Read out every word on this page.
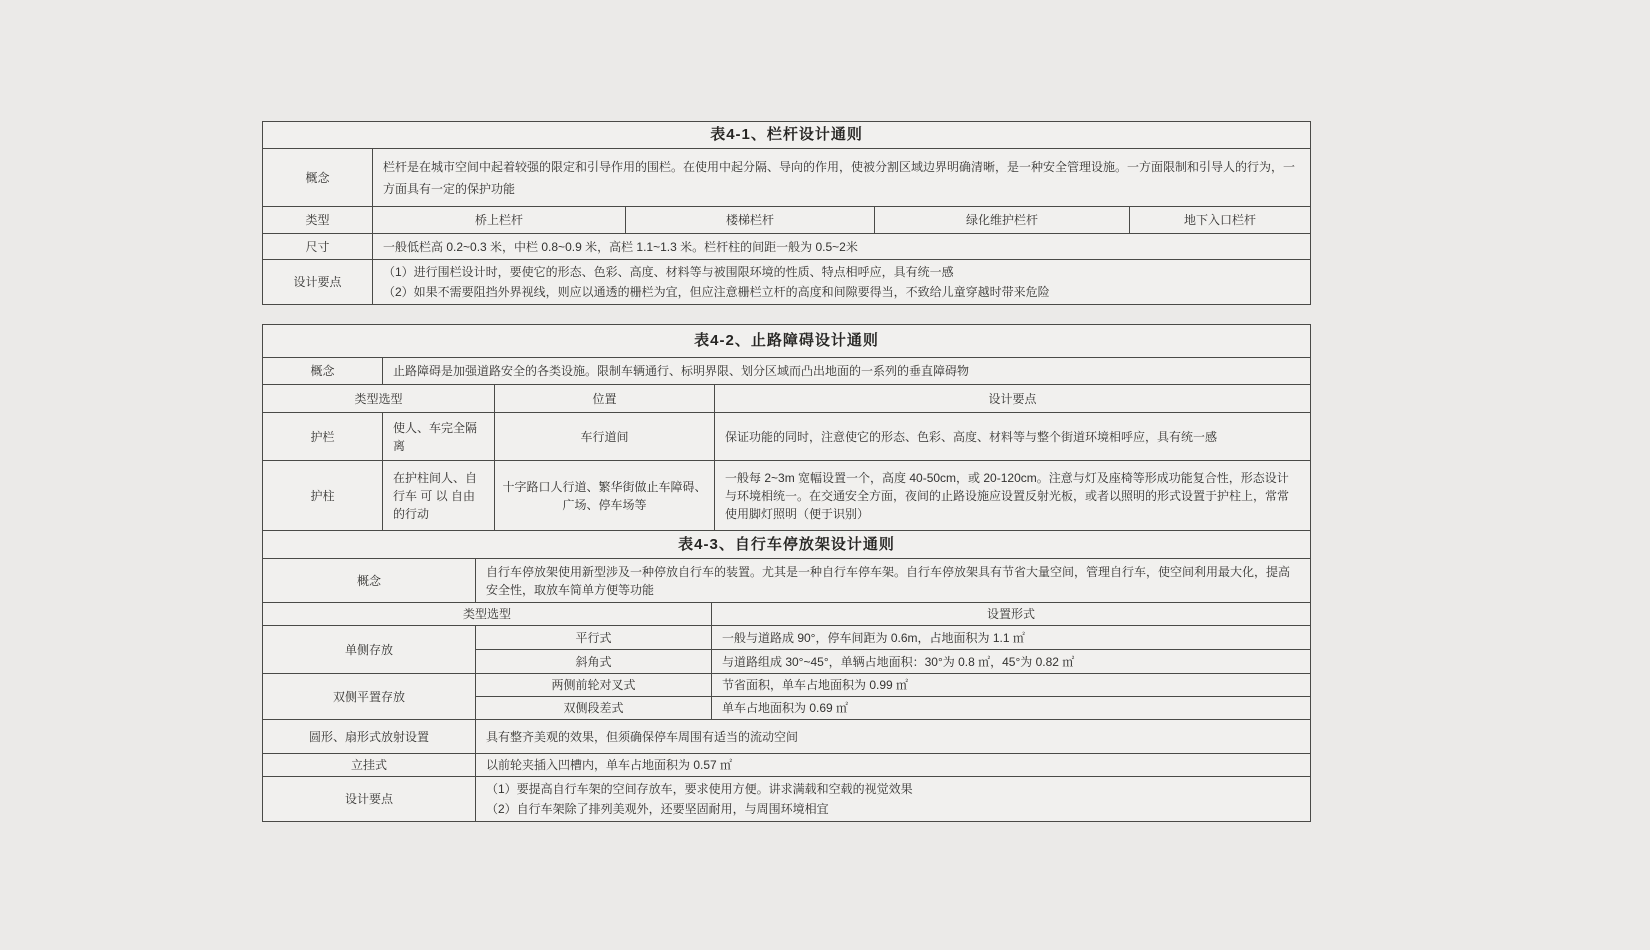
表4-1、栏杆设计通则				
概念	栏杆是在城市空间中起着较强的限定和引导作用的围栏。在使用中起分隔、导向的作用，使被分割区域边界明确清晰，是一种安全管理设施。一方面限制和引导人的行为，一方面具有一定的保护功能			
类型	桥上栏杆	楼梯栏杆	绿化维护栏杆	地下入口栏杆
尺寸	一般低栏高 0.2~0.3 米，中栏 0.8~0.9 米，高栏 1.1~1.3 米。栏杆柱的间距一般为 0.5~2米			
设计要点	（1）进行围栏设计时，要使它的形态、色彩、高度、材料等与被围限环境的性质、特点相呼应，具有统一感
（2）如果不需要阻挡外界视线，则应以通透的栅栏为宜，但应注意栅栏立杆的高度和间隙要得当，不致给儿童穿越时带来危险			
表4-2、止路障碍设计通则			
概念	止路障碍是加强道路安全的各类设施。限制车辆通行、标明界限、划分区域而凸出地面的一系列的垂直障碍物		
类型选型		位置	设计要点
护栏	使人、车完全隔离	车行道间	保证功能的同时，注意使它的形态、色彩、高度、材料等与整个街道环境相呼应，具有统一感
护柱	在护柱间人、自行车 可 以 自由的行动	十字路口人行道、繁华街做止车障碍、广场、停车场等	一般每 2~3m 宽幅设置一个，高度 40-50cm，或 20-120cm。注意与灯及座椅等形成功能复合性，形态设计与环境相统一。在交通安全方面，夜间的止路设施应设置反射光板，或者以照明的形式设置于护柱上，常常使用脚灯照明（便于识别）
表4-3、自行车停放架设计通则		
概念	自行车停放架使用新型涉及一种停放自行车的装置。尤其是一种自行车停车架。自行车停放架具有节省大量空间，管理自行车，使空间利用最大化，提高安全性，取放车简单方便等功能	
类型选型		设置形式
单侧存放	平行式	一般与道路成 90°，停车间距为 0.6m，占地面积为 1.1 ㎡
	斜角式	与道路组成 30°~45°，单辆占地面积：30°为 0.8 ㎡，45°为 0.82 ㎡
双侧平置存放	两侧前轮对叉式	节省面积，单车占地面积为 0.99 ㎡
	双侧段差式	单车占地面积为 0.69 ㎡
圆形、扇形式放射设置	具有整齐美观的效果，但须确保停车周围有适当的流动空间	
立挂式	以前轮夹插入凹槽内，单车占地面积为 0.57 ㎡	
设计要点	（1）要提高自行车架的空间存放车，要求使用方便。讲求满载和空载的视觉效果
（2）自行车架除了排列美观外，还要坚固耐用，与周围环境相宜	
